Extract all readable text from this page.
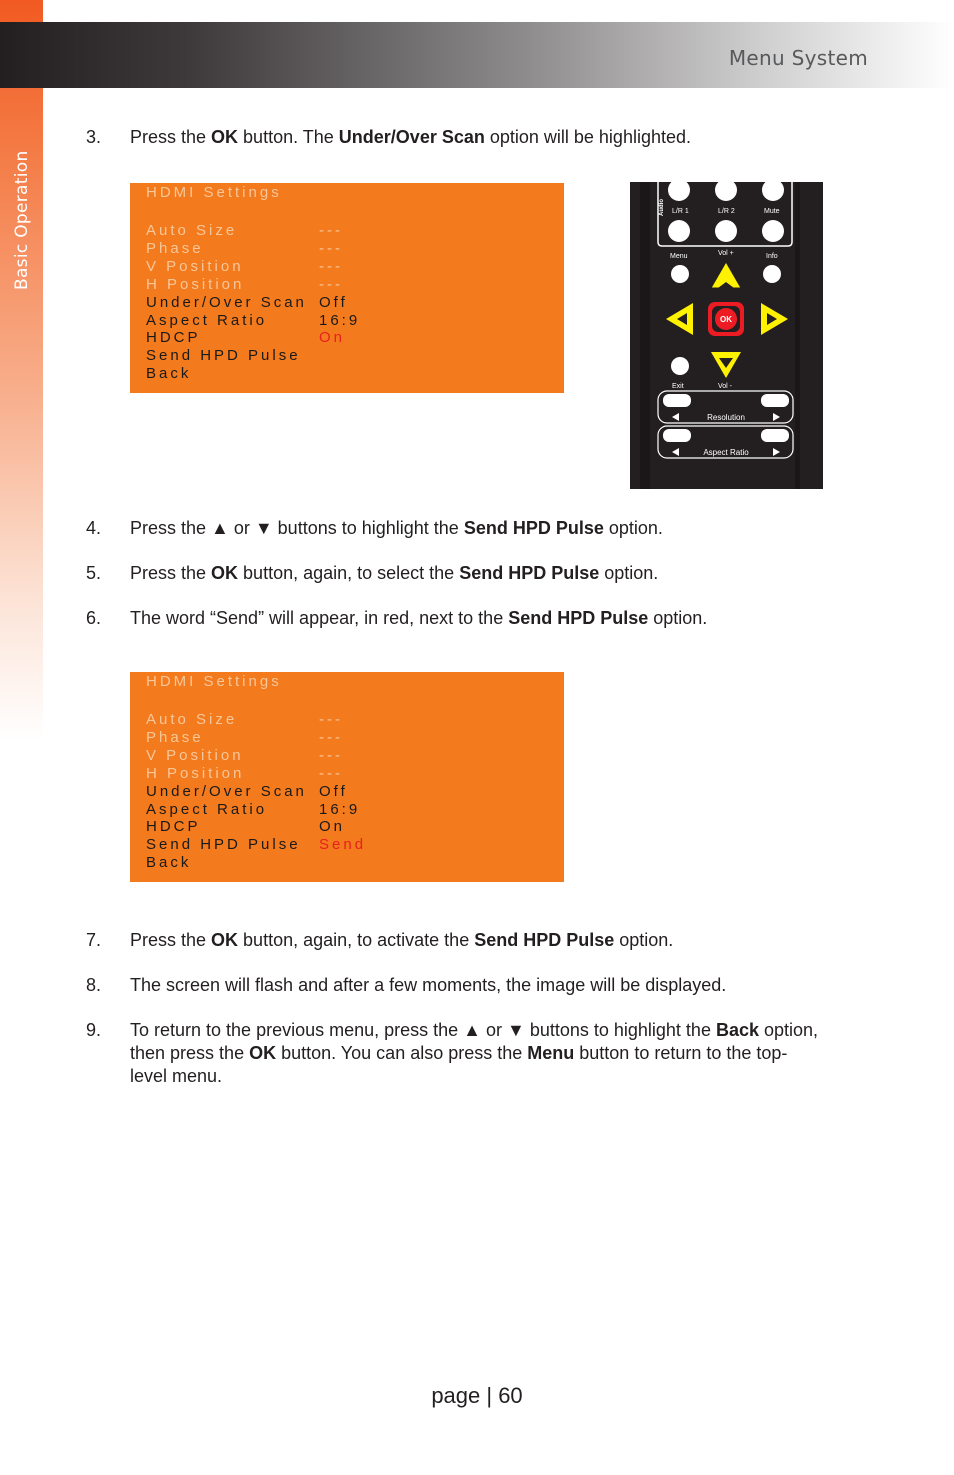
Basic Operation
Menu System
3.	Press the OK button. The Under/Over Scan option will be highlighted.
HDMI Settings
Auto Size	---
Phase	---
V Position	---
H Position	---
Under/Over Scan Off
Aspect Ratio	16:9
HDCP	On
Send HPD Pulse
Back
Audio L/R 1	L/R 2	Mute
Menu	Vol +	Info
OK
Exit	Vol -
Resolution
Aspect Ratio
4.	Press the ▲ or ▼ buttons to highlight the Send HPD Pulse option.
5.	Press the OK button, again, to select the Send HPD Pulse option.
6.	The word “Send” will appear, in red, next to the Send HPD Pulse option.
HDMI Settings
Auto Size	---
Phase	---
V Position	---
H Position	---
Under/Over Scan Off
Aspect Ratio	16:9
HDCP	On
Send HPD Pulse Send
Back
7.	Press the OK button, again, to activate the Send HPD Pulse option.
8.	The screen will flash and after a few moments, the image will be displayed.
9.	To return to the previous menu, press the ▲ or ▼ buttons to highlight the Back option, then press the OK button. You can also press the Menu button to return to the top-level menu.
page | 60
